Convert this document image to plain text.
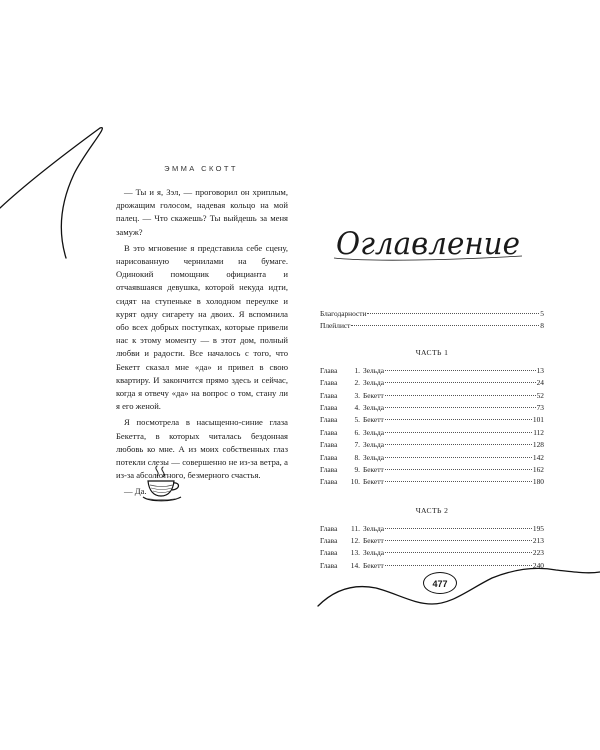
ЭММА СКОТТ

— Ты и я, Зэл, — проговорил он хриплым, дрожащим голосом, надевая кольцо на мой палец. — Что скажешь? Ты выйдешь за меня замуж?

В это мгновение я представила себе сцену, нарисованную чернилами на бумаге. Одинокий помощник официанта и отчаявшаяся девушка, которой некуда идти, сидят на ступеньке в холодном переулке и курят одну сигарету на двоих. Я вспомнила обо всех добрых поступках, которые привели нас к этому моменту — в этот дом, полный любви и радости. Все началось с того, что Бекетт сказал мне «да» и привел в свою квартиру. И закончится прямо здесь и сейчас, когда я отвечу «да» на вопрос о том, стану ли я его женой.

Я посмотрела в насыщенно-синие глаза Бекетта, в которых читалась бездонная любовь ко мне. А из моих собственных глаз потекли слезы — совершенно не из-за ветра, а из-за абсолютного, безмерного счастья.

— Да.

Оглавление
Благодарности	5
Плейлист	8
ЧАСТЬ 1
Глава	1. Зельда	13
Глава	2. Зельда	24
Глава	3. Бекетт	52
Глава	4. Зельда	73
Глава	5. Бекетт	101
Глава	6. Зельда	112
Глава	7. Зельда	128
Глава	8. Зельда	142
Глава	9. Бекетт	162
Глава	10. Бекетт	180
ЧАСТЬ 2
Глава	11. Зельда	195
Глава	12. Бекетт	213
Глава	13. Зельда	223
Глава	14. Бекетт	240
477
